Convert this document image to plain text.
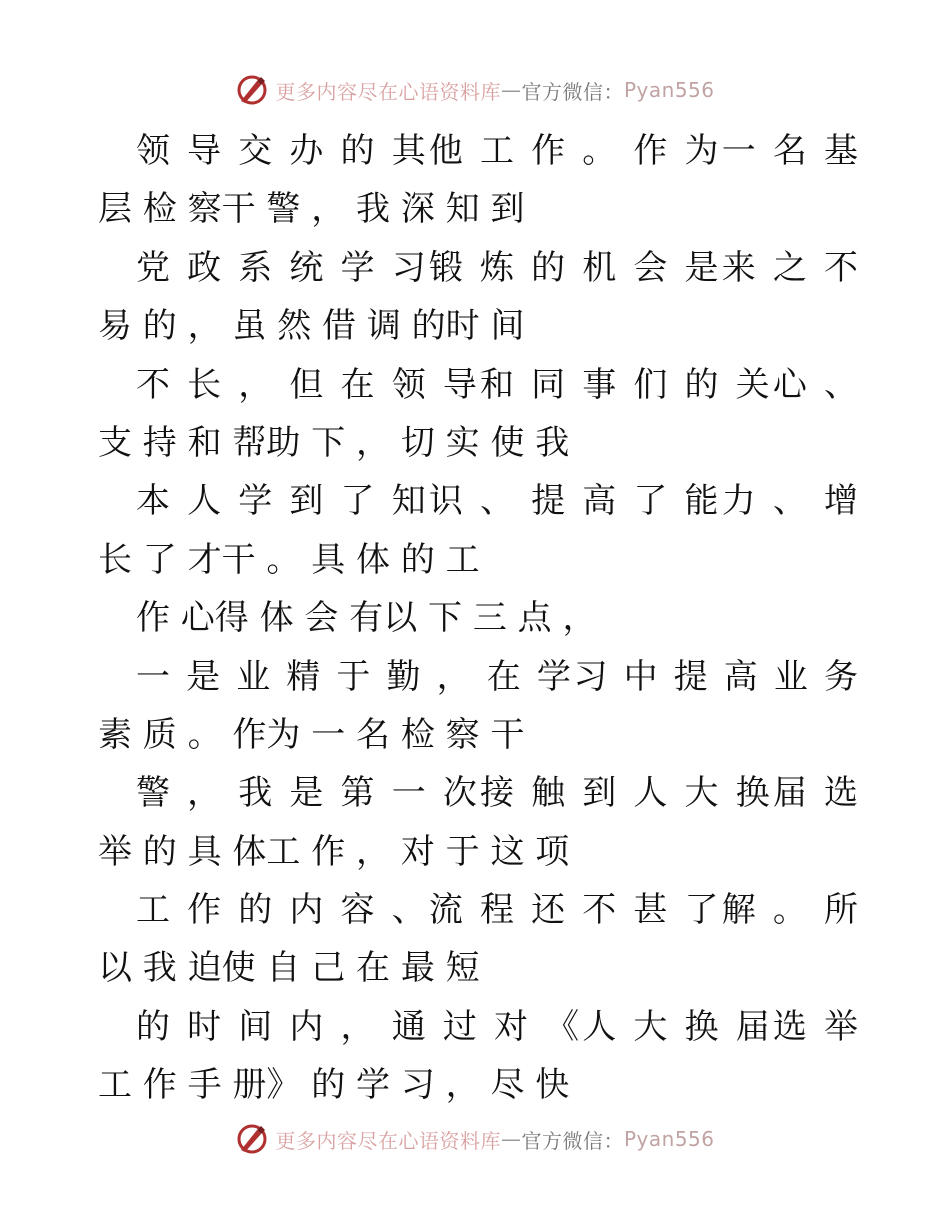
更多内容尽在心语资料库 — 官方微信： Pyan556
领 导 交 办 的 其他 工 作 。 作 为一 名 基
层 检 察干 警 ， 我 深 知 到
党 政 系 统 学 习锻 炼 的 机 会 是来 之 不
易 的 ， 虽 然 借 调 的时 间
不 长 ， 但 在 领 导和 同 事 们 的 关心 、
支 持 和 帮助 下 ， 切 实 使 我
本 人 学 到 了 知识 、 提 高 了 能力 、 增
长 了 才干 。 具 体 的 工
作 心得 体 会 有以 下 三 点 ，
一 是 业 精 于 勤 ， 在 学习 中 提 高 业 务
素 质 。 作为 一 名 检 察 干
警 ， 我 是 第 一 次接 触 到 人 大 换届 选
举 的 具 体工 作 ， 对 于 这 项
工 作 的 内 容 、流 程 还 不 甚 了解 。 所
以 我 迫使 自 己 在 最 短
的 时 间 内 ， 通 过 对 《人 大 换 届选 举
工 作 手 册》 的 学 习 ， 尽 快
更多内容尽在心语资料库 — 官方微信： Pyan556
